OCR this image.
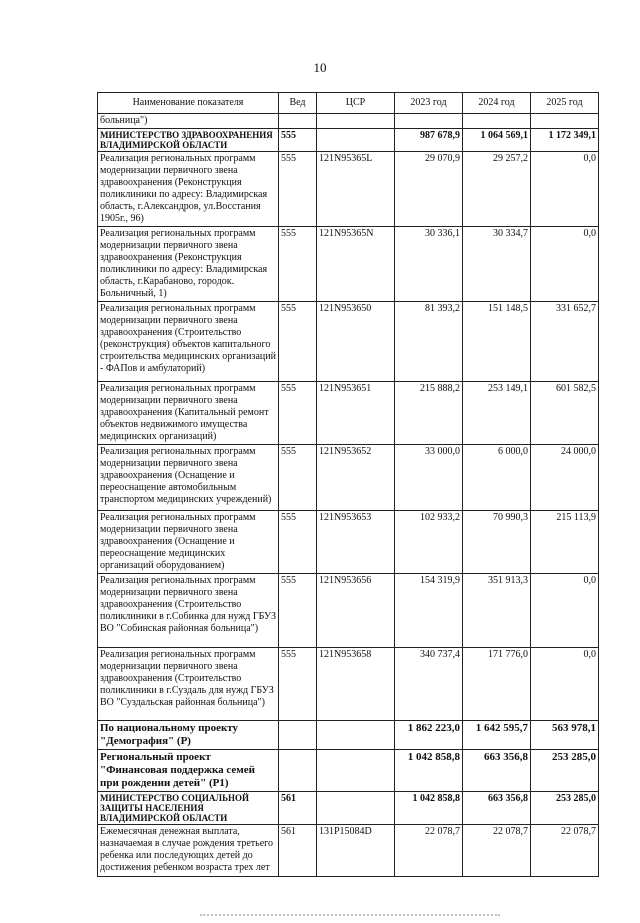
10
Наименование показателя	Вед	ЦСР	2023 год	2024 год	2025 год
больница")					
МИНИСТЕРСТВО ЗДРАВООХРАНЕНИЯ ВЛАДИМИРСКОЙ ОБЛАСТИ	555		987 678,9	1 064 569,1	1 172 349,1
Реализация региональных программ модернизации первичного звена здравоохранения (Реконструкция поликлиники по адресу: Владимирская область, г.Александров, ул.Восстания 1905г., 96)	555	121N95365L	29 070,9	29 257,2	0,0
Реализация региональных программ модернизации первичного звена здравоохранения (Реконструкция поликлиники по адресу: Владимирская область, г.Карабаново, городок. Больничный, 1)	555	121N95365N	30 336,1	30 334,7	0,0
Реализация региональных программ модернизации первичного звена здравоохранения (Строительство (реконструкция) объектов капитального строительства медицинских организаций - ФАПов и амбулаторий)	555	121N953650	81 393,2	151 148,5	331 652,7
Реализация региональных программ модернизации первичного звена здравоохранения (Капитальный ремонт объектов недвижимого имущества медицинских организаций)	555	121N953651	215 888,2	253 149,1	601 582,5
Реализация региональных программ модернизации первичного звена здравоохранения (Оснащение и переоснащение автомобильным транспортом медицинских учреждений)	555	121N953652	33 000,0	6 000,0	24 000,0
Реализация региональных программ модернизации первичного звена здравоохранения (Оснащение и переоснащение медицинских организаций оборудованием)	555	121N953653	102 933,2	70 990,3	215 113,9
Реализация региональных программ модернизации первичного звена здравоохранения (Строительство поликлиники в г.Собинка для нужд ГБУЗ ВО "Собинская районная больница")	555	121N953656	154 319,9	351 913,3	0,0
Реализация региональных программ модернизации первичного звена здравоохранения (Строительство поликлиники в г.Суздаль для нужд ГБУЗ ВО "Суздальская районная больница")	555	121N953658	340 737,4	171 776,0	0,0
По национальному проекту "Демография" (P)			1 862 223,0	1 642 595,7	563 978,1
Региональный проект "Финансовая поддержка семей при рождении детей" (P1)			1 042 858,8	663 356,8	253 285,0
МИНИСТЕРСТВО СОЦИАЛЬНОЙ ЗАЩИТЫ НАСЕЛЕНИЯ ВЛАДИМИРСКОЙ ОБЛАСТИ	561		1 042 858,8	663 356,8	253 285,0
Ежемесячная денежная выплата, назначаемая в случае рождения третьего ребенка или последующих детей до достижения ребенком возраста трех лет	561	131P15084D	22 078,7	22 078,7	22 078,7
